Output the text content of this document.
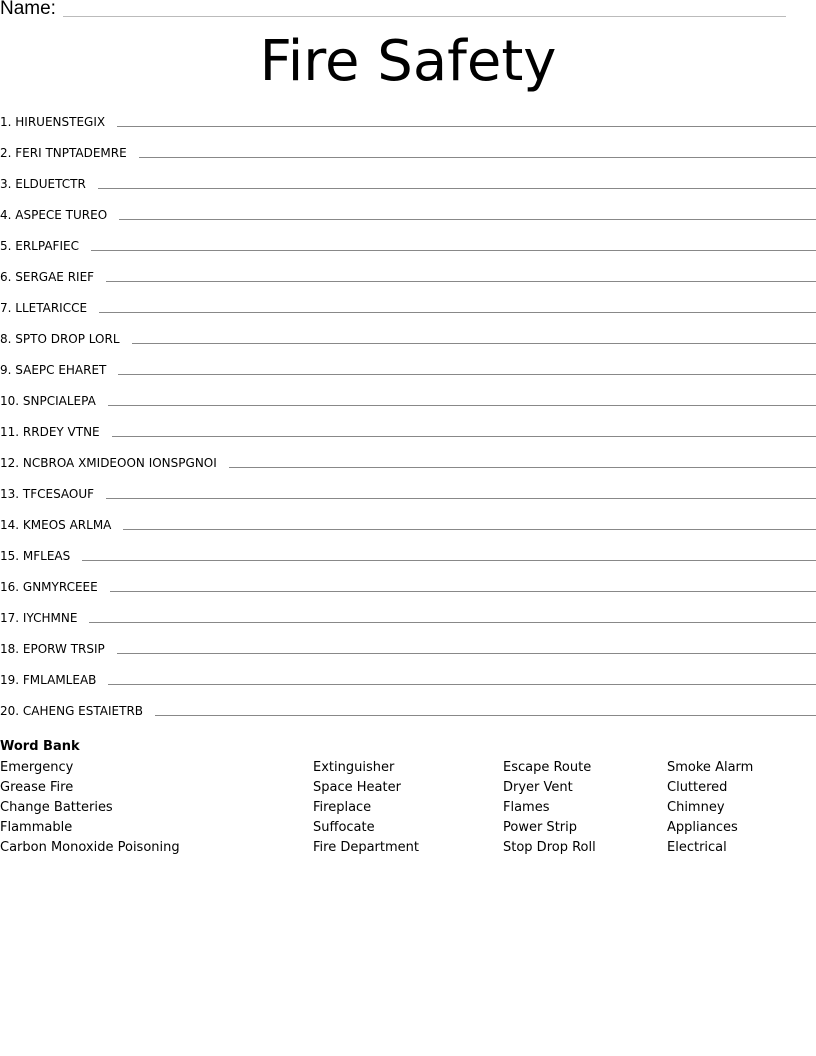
Name:
Fire Safety
1. HIRUENSTEGIX
2. FERI TNPTADEMRE
3. ELDUETCTR
4. ASPECE TUREO
5. ERLPAFIEC
6. SERGAE RIEF
7. LLETARICCE
8. SPTO DROP LORL
9. SAEPC EHARET
10. SNPCIALEPA
11. RRDEY VTNE
12. NCBROA XMIDEOON IONSPGNOI
13. TFCESAOUF
14. KMEOS ARLMA
15. MFLEAS
16. GNMYRCEEE
17. IYCHMNE
18. EPORW TRSIP
19. FMLAMLEAB
20. CAHENG ESTAIETRB
Word Bank
Emergency
Grease Fire
Change Batteries
Flammable
Carbon Monoxide Poisoning
Extinguisher
Space Heater
Fireplace
Suffocate
Fire Department
Escape Route
Dryer Vent
Flames
Power Strip
Stop Drop Roll
Smoke Alarm
Cluttered
Chimney
Appliances
Electrical
